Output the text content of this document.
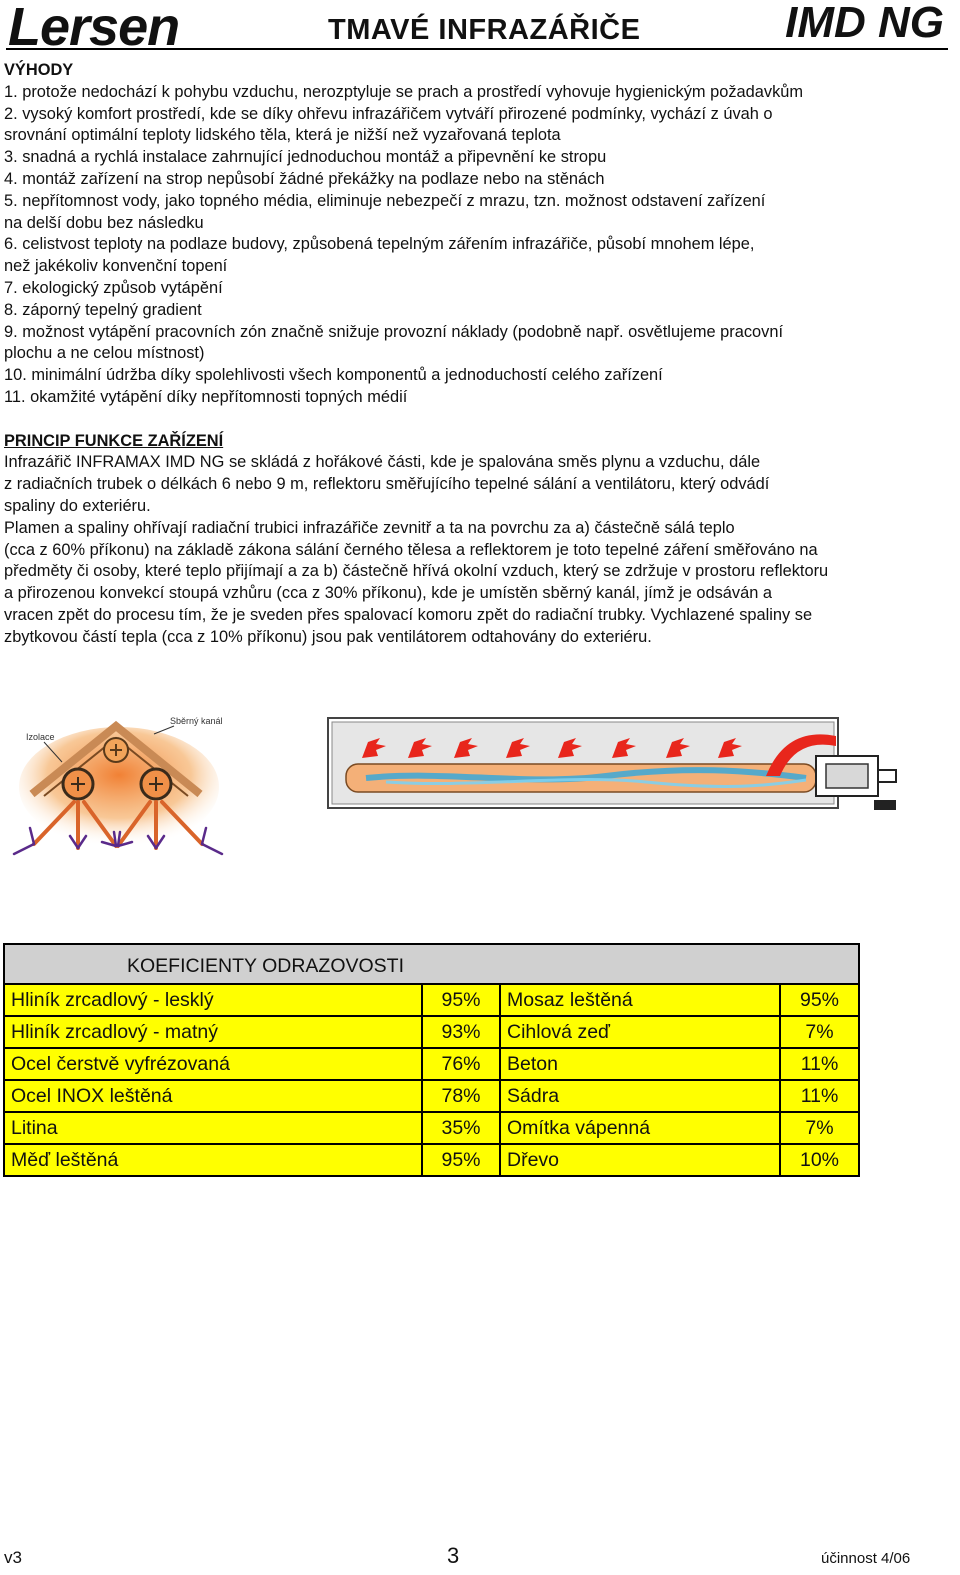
Lersen	TMAVÉ INFRAZÁŘIČE	IMD NG

VÝHODY

1. protože nedochází k pohybu vzduchu, nerozptyluje se prach a prostředí vyhovuje hygienickým požadavkům

2. vysoký komfort prostředí, kde se díky ohřevu infrazářičem vytváří přirozené podmínky, vychází z úvah o

srovnání optimální teploty lidského těla, která je nižší než vyzařovaná teplota

3. snadná a rychlá instalace zahrnující jednoduchou montáž a připevnění ke stropu

4. montáž zařízení na strop nepůsobí žádné překážky na podlaze nebo na stěnách

5. nepřítomnost vody, jako topného média, eliminuje nebezpečí z mrazu, tzn. možnost odstavení zařízení

na delší dobu bez následku

6. celistvost teploty na podlaze budovy, způsobená tepelným zářením infrazářiče, působí mnohem lépe,

než jakékoliv konvenční topení

7. ekologický způsob vytápění

8. záporný tepelný gradient

9. možnost vytápění pracovních zón značně snižuje provozní náklady (podobně např. osvětlujeme pracovní

plochu a ne celou místnost)

10. minimální údržba díky spolehlivosti všech komponentů a jednoduchostí celého zařízení

11. okamžité vytápění díky nepřítomnosti topných médií

PRINCIP FUNKCE ZAŘÍZENÍ

Infrazářič INFRAMAX IMD NG se skládá z hořákové části, kde je spalována směs plynu a vzduchu, dále

z radiačních trubek o délkách 6 nebo 9 m, reflektoru směřujícího tepelné sálání a ventilátoru, který odvádí

spaliny do exteriéru.

Plamen a spaliny ohřívají radiační trubici infrazářiče zevnitř a ta na povrchu za a) částečně sálá teplo

(cca z 60% příkonu) na základě zákona sálání černého tělesa a reflektorem je toto tepelné záření směřováno na

předměty či osoby, které teplo přijímají a za b) částečně hřívá okolní vzduch, který se zdržuje v prostoru reflektoru

a přirozenou konvekcí stoupá vzhůru (cca z 30% příkonu), kde je umístěn sběrný kanál, jímž je odsáván a

vracen zpět do procesu tím, že je sveden přes spalovací komoru zpět do radiační trubky. Vychlazené spaliny se

zbytkovou částí tepla (cca z 10% příkonu) jsou pak ventilátorem odtahovány do exteriéru.

Izolace
Sběrný kanál
KOEFICIENTY ODRAZOVOSTI			
Hliník zrcadlový - lesklý	95%	Mosaz leštěná	95%
Hliník zrcadlový - matný	93%	Cihlová zeď	7%
Ocel čerstvě vyfrézovaná	76%	Beton	11%
Ocel INOX leštěná	78%	Sádra	11%
Litina	35%	Omítka vápenná	7%
Měď leštěná	95%	Dřevo	10%
v3	3	účinnost 4/06
